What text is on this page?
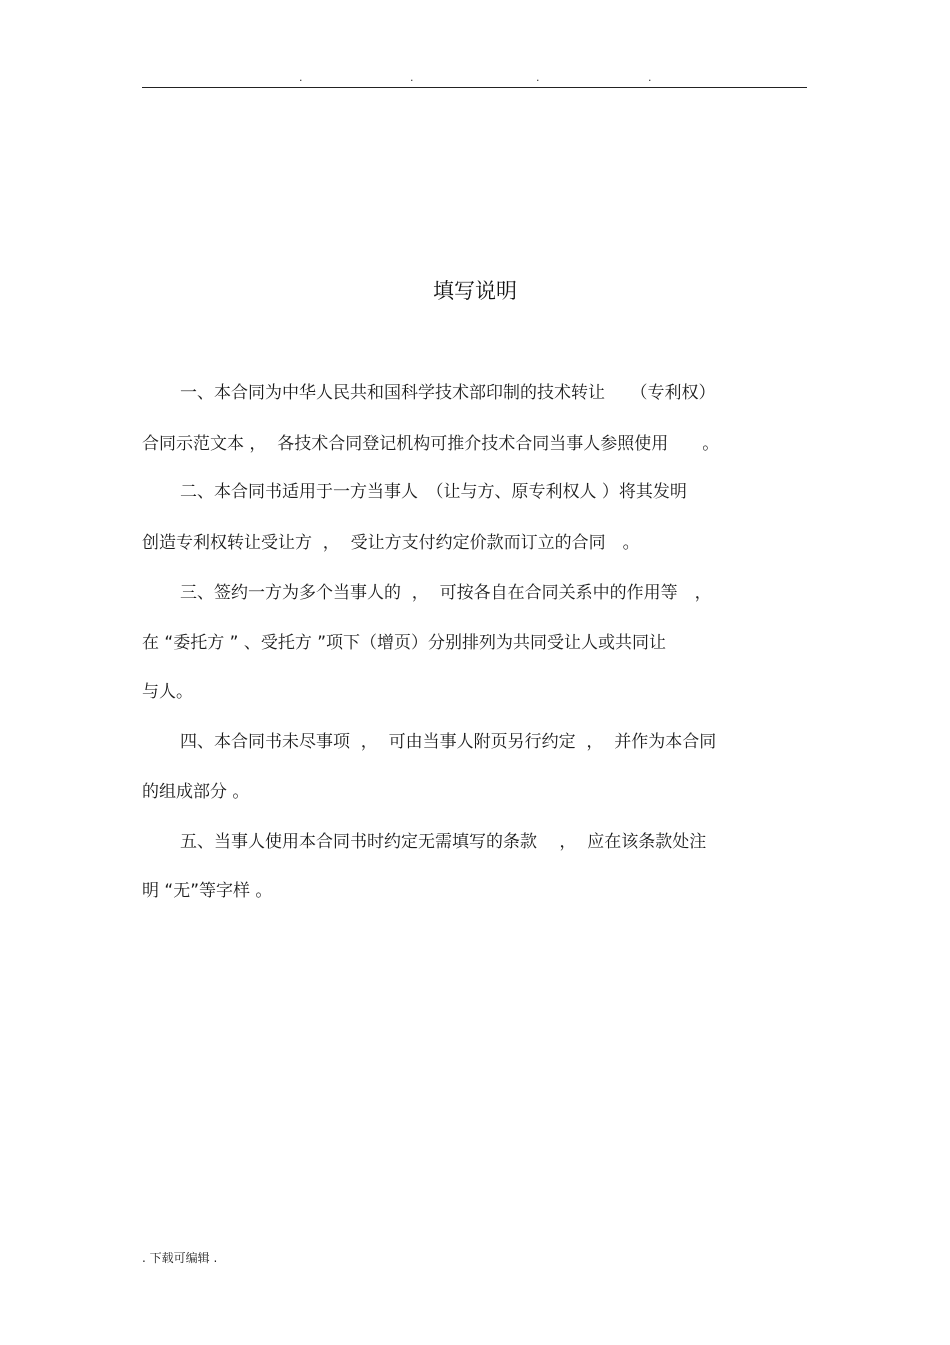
.	.	.	.
填写说明
一、本合同为中华人民共和国科学技术部印制的技术转让　　（专利权）
合同示范文本 ，  各技术合同登记机构可推介技术合同当事人参照使用　　。
二、本合同书适用于一方当事人　（让与方、原专利权人 ）将其发明
创造专利权转让受让方  ，  受让方支付约定价款而订立的合同　。
三、签约一方为多个当事人的  ，  可按各自在合同关系中的作用等　，
在 “委托方 ” 、受托方 ”项下（增页）分别排列为共同受让人或共同让
与人。
四、本合同书未尽事项  ，  可由当事人附页另行约定  ，  并作为本合同
的组成部分 。
五、当事人使用本合同书时约定无需填写的条款　 ，  应在该条款处注
明 “无”等字样 。
. 下载可编辑 .
